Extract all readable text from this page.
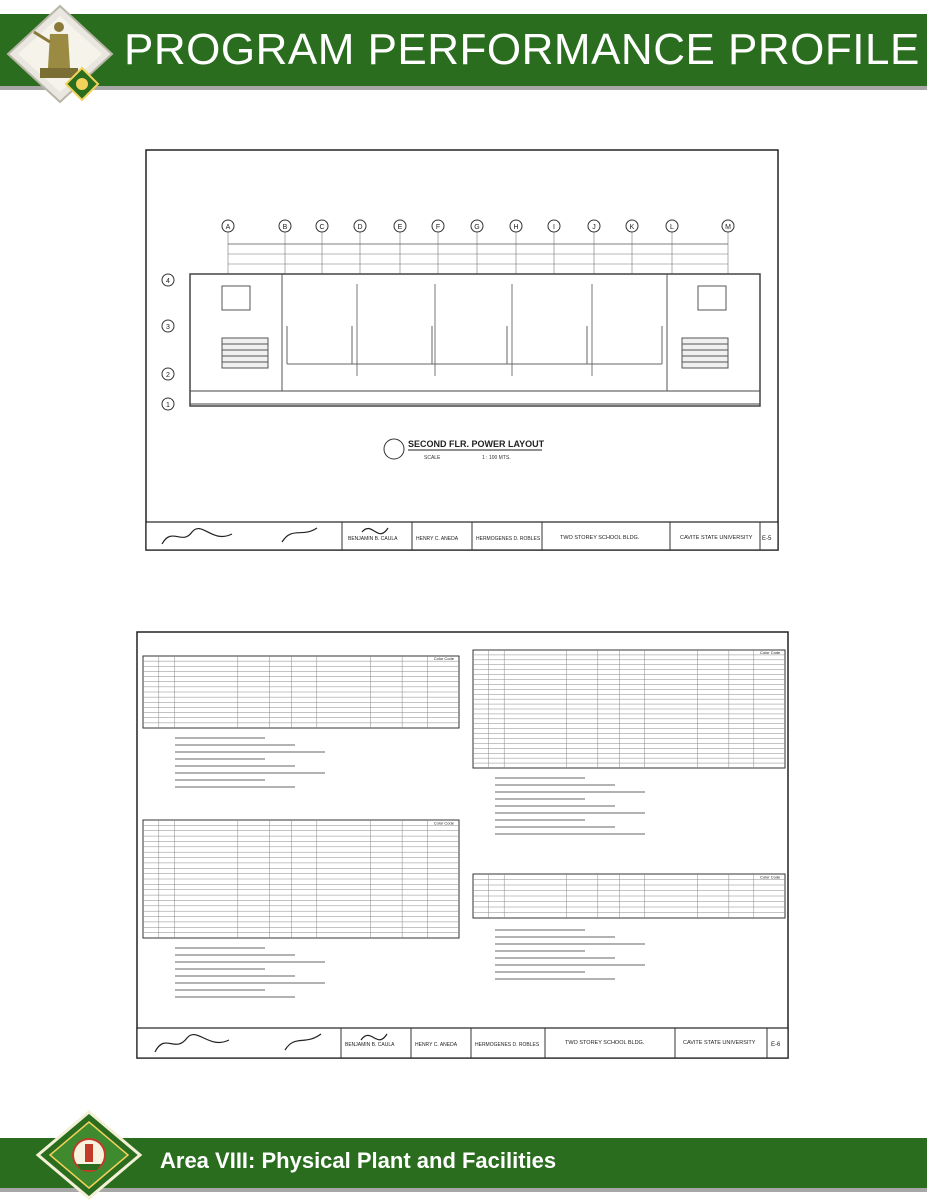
PROGRAM PERFORMANCE PROFILE
A	B	C	D	E	F	G	H	I	J	K	L	M
4
3
2
1
SECOND FLR. POWER LAYOUT
SCALE	1 : 100 MTS.
BENJAMIN B. CAULA	HENRY C. ANEDA	HERMOGENES D. ROBLES	TWO STOREY SCHOOL BLDG.	CAVITE STATE UNIVERSITY E-5
Color Code
Color Code
Color Code
Color Code
BENJAMIN B. CAULA	HENRY C. ANEDA	HERMOGENES D. ROBLES	TWO STOREY SCHOOL BLDG.	CAVITE STATE UNIVERSITY	E-6
Area VIII: Physical Plant and Facilities
